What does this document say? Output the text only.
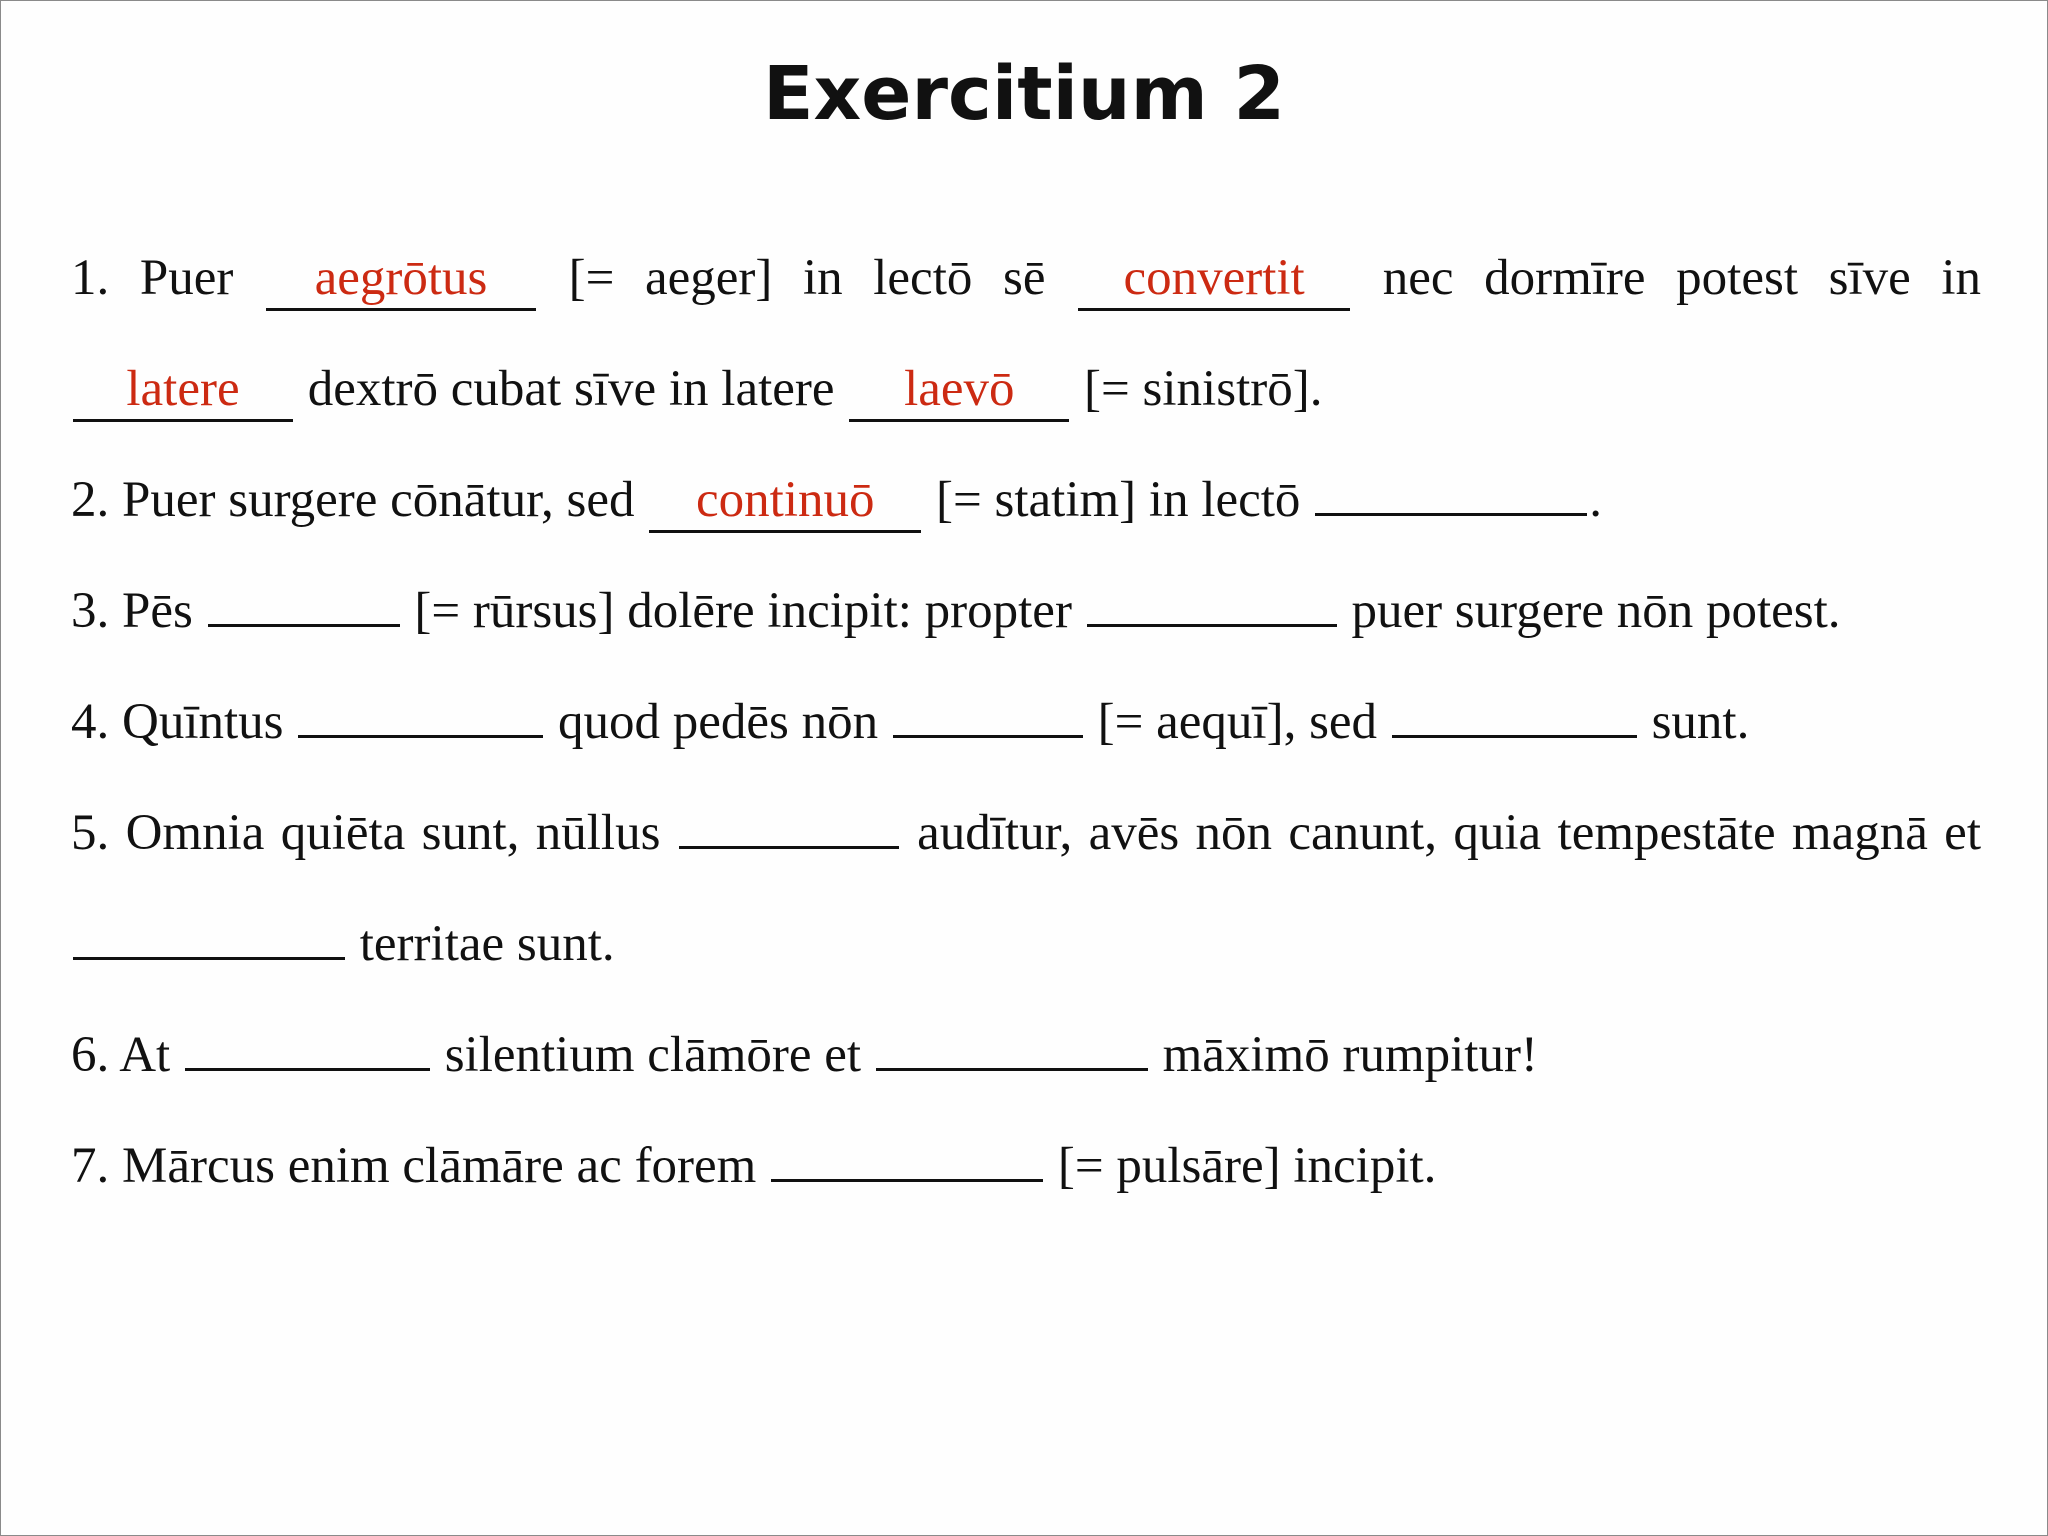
Exercitium 2

1. Puer aegrōtus [= aeger] in lectō sē convertit nec dormīre potest sīve in latere dextrō cubat sīve in latere laevō [= sinistrō].

2. Puer surgere cōnātur, sed continuō [= statim] in lectō	.

3. Pēs	[= rūrsus] dolēre incipit: propter	puer surgere nōn potest.

4. Quīntus	quod pedēs nōn	[= aequī], sed	sunt.

5. Omnia quiēta sunt, nūllus	audītur, avēs nōn canunt, quia tempestāte magnā et  territae sunt.

6. At	silentium clāmōre et	māximō rumpitur!

7. Mārcus enim clāmāre ac forem	[= pulsāre] incipit.
